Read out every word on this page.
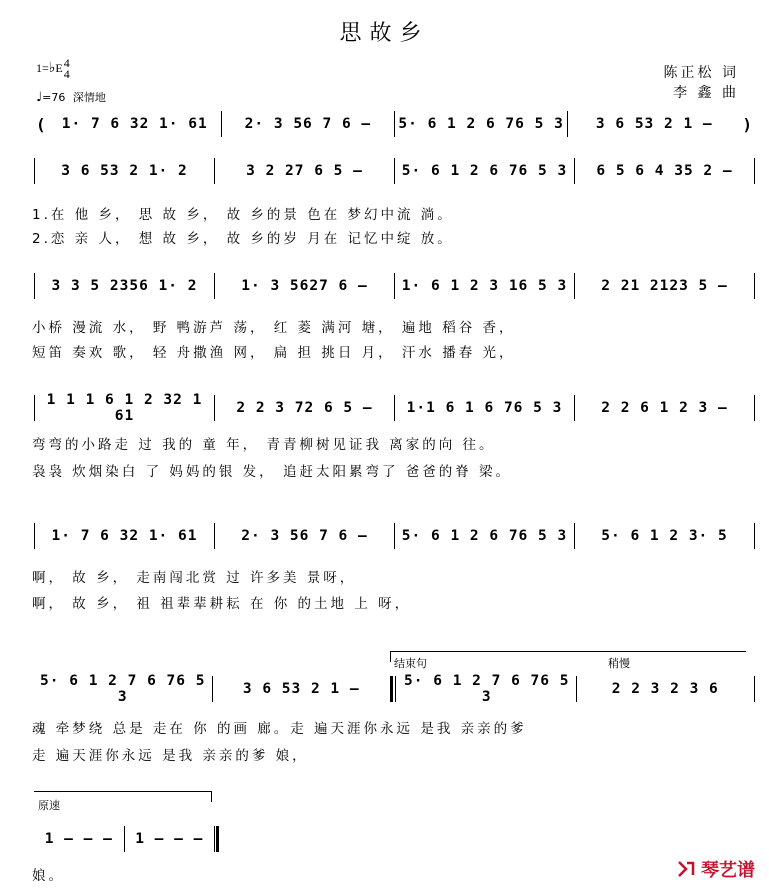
思故乡
1=♭E4
4
♩=76 深情地
陈正松 词
李 鑫 曲
(	1· 7 6 32 1· 61	2· 3 56 7 6 –	5· 6 1 2 6 76 5 3	3 6 53 2 1 –	)
3 6 53 2 1· 2	3 2 27 6 5 –	5· 6 1 2 6 76 5 3	6 5 6 4 35 2 –
1.在 他 乡， 思 故 乡， 故 乡的景 色在 梦幻中流 淌。
2.恋 亲 人， 想 故 乡， 故 乡的岁 月在 记忆中绽 放。
3 3 5 2356 1· 2	1· 3 5627 6 –	1· 6 1 2 3 16 5 3	2 21 2123 5 –
小桥 漫流 水， 野 鸭游芦 荡， 红 菱 满河 塘， 遍地 稻谷 香，
短笛 奏欢 歌， 轻 舟撒渔 网， 扁 担 挑日 月， 汗水 播春 光，
1 1 1 6 1 2 32 1 61	2 2 3 72 6 5 –	1·1 6 1 6 76 5 3	2 2 6 1 2 3 –
弯弯的小路走 过 我的 童 年， 青青柳树见证我 离家的向 往。
袅袅 炊烟染白 了 妈妈的银 发， 追赶太阳累弯了 爸爸的脊 梁。
1· 7 6 32 1· 61	2· 3 56 7 6 –	5· 6 1 2 6 76 5 3	5· 6 1 2 3· 5
啊， 故 乡， 走南闯北赏 过 许多美 景呀，
啊， 故 乡， 祖 祖辈辈耕耘 在 你 的土地 上 呀，
结束句	稍慢
5· 6 1 2 7 6 76 5 3	3 6 53 2 1 –	5· 6 1 2 7 6 76 5 3	2 2 3 2 3 6
魂 牵梦绕 总是 走在 你 的画 廊。走 遍天涯你永远 是我 亲亲的爹
走 遍天涯你永远 是我 亲亲的爹 娘，
原速
1 – – –	1 – – –
娘。	琴艺谱
